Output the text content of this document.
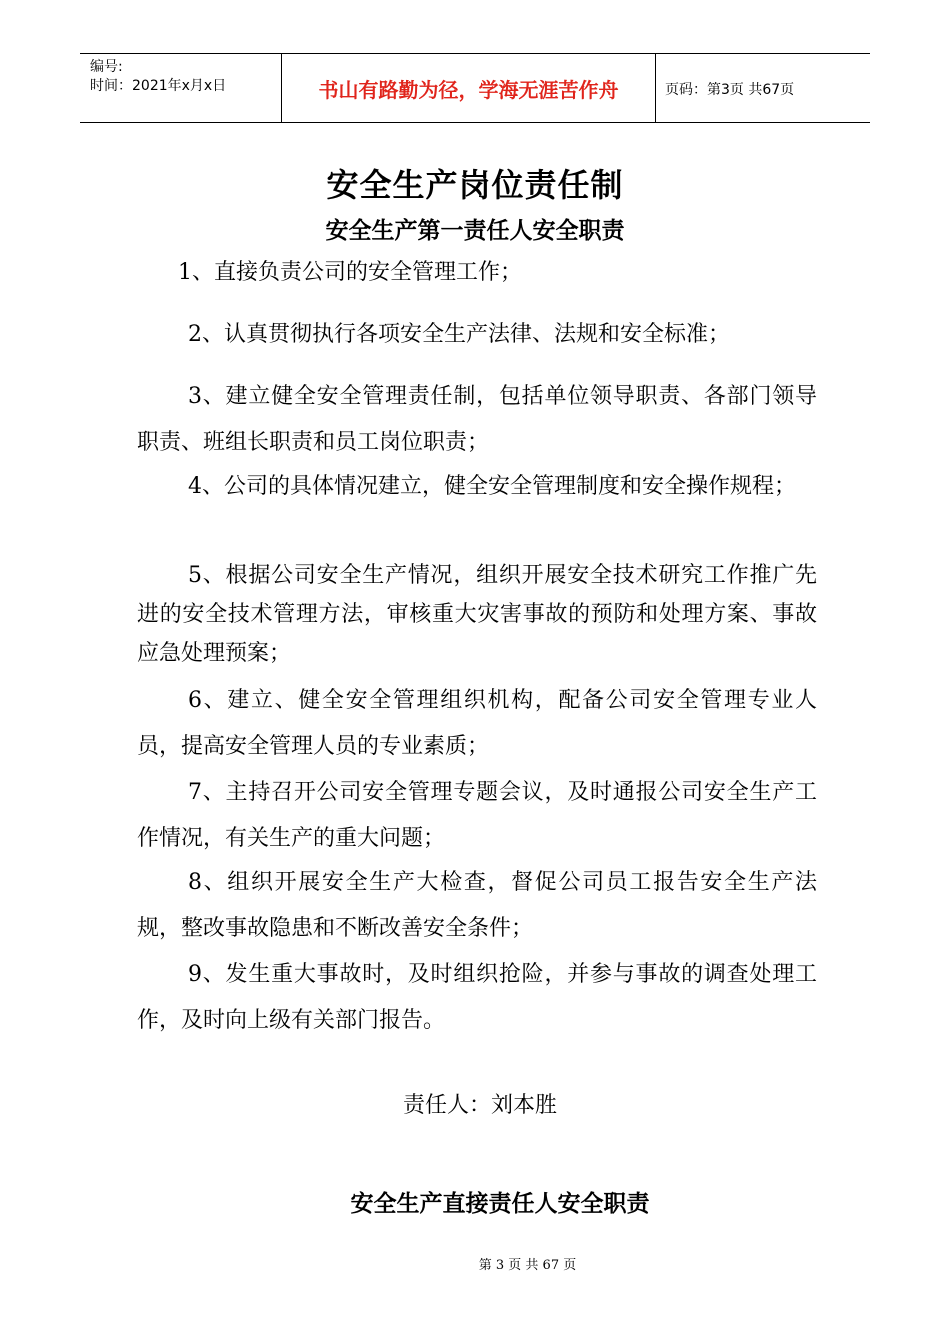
编号:
时间：2021年x月x日	书山有路勤为径，学海无涯苦作舟	页码：第3页 共67页
安全生产岗位责任制
安全生产第一责任人安全职责

1、直接负责公司的安全管理工作；

2、认真贯彻执行各项安全生产法律、法规和安全标准；

3、建立健全安全管理责任制，包括单位领导职责、各部门领导职责、班组长职责和员工岗位职责；

4、公司的具体情况建立，健全安全管理制度和安全操作规程；

5、根据公司安全生产情况，组织开展安全技术研究工作推广先进的安全技术管理方法，审核重大灾害事故的预防和处理方案、事故应急处理预案；

6、建立、健全安全管理组织机构，配备公司安全管理专业人员，提高安全管理人员的专业素质；

7、主持召开公司安全管理专题会议，及时通报公司安全生产工作情况，有关生产的重大问题；

8、组织开展安全生产大检查，督促公司员工报告安全生产法规，整改事故隐患和不断改善安全条件；

9、发生重大事故时，及时组织抢险，并参与事故的调查处理工作，及时向上级有关部门报告。

责任人：刘本胜
安全生产直接责任人安全职责
第 3 页 共 67 页
